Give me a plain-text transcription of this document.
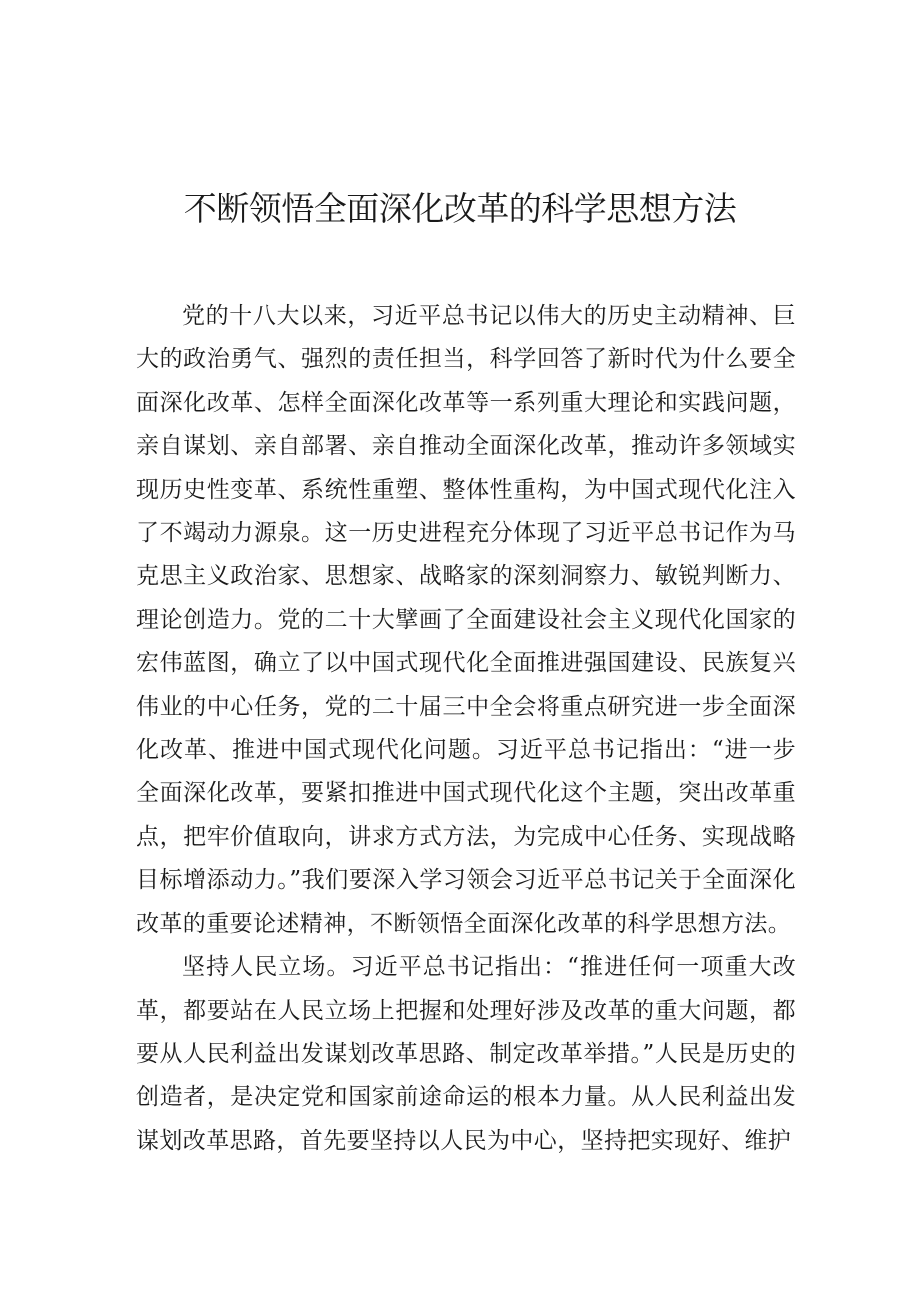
不断领悟全面深化改革的科学思想方法

党的十八大以来，习近平总书记以伟大的历史主动精神、巨大的政治勇气、强烈的责任担当，科学回答了新时代为什么要全面深化改革、怎样全面深化改革等一系列重大理论和实践问题，亲自谋划、亲自部署、亲自推动全面深化改革，推动许多领域实现历史性变革、系统性重塑、整体性重构，为中国式现代化注入了不竭动力源泉。这一历史进程充分体现了习近平总书记作为马克思主义政治家、思想家、战略家的深刻洞察力、敏锐判断力、理论创造力。党的二十大擘画了全面建设社会主义现代化国家的宏伟蓝图，确立了以中国式现代化全面推进强国建设、民族复兴伟业的中心任务，党的二十届三中全会将重点研究进一步全面深化改革、推进中国式现代化问题。习近平总书记指出：“进一步全面深化改革，要紧扣推进中国式现代化这个主题，突出改革重点，把牢价值取向，讲求方式方法，为完成中心任务、实现战略目标增添动力。”我们要深入学习领会习近平总书记关于全面深化改革的重要论述精神，不断领悟全面深化改革的科学思想方法。

坚持人民立场。习近平总书记指出：“推进任何一项重大改革，都要站在人民立场上把握和处理好涉及改革的重大问题，都要从人民利益出发谋划改革思路、制定改革举措。”人民是历史的创造者，是决定党和国家前途命运的根本力量。从人民利益出发谋划改革思路，首先要坚持以人民为中心，坚持把实现好、维护
